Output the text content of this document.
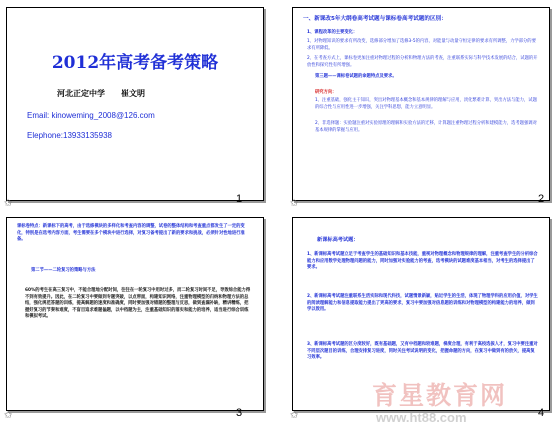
2012年高考备考策略
河北正定中学　　崔文明
Email: kinoweming_2008@126.com
Elephone:13933135938
1
✩
一、新课改5年大纲卷高考试题与课标卷高考试题的区别：
1、课程改革的主要变化：
1、对物理知识的要求有所改变，选修部分增加了选修3-5的内容，对能量与动量守恒定律的要求有所调整，力学部分的要求有所降低。
2、在考查方式上，课标卷更加注重对物理过程的分析和物理方法的考查，注重联系实际与科学技术发展的结合，试题的开放性和探究性有所增强。
第三题——课标卷试题的命题特点及要求。
研究方向：
1、注重基础，强化主干知识，突出对物理基本概念和基本规律的理解与应用，淡化繁难计算，突出方法与能力，试题的综合性与应用性进一步增强，关注学科思想，能力立意明显。
2、非选择题：实验题注重对实验原理的理解和实验方法的迁移，计算题注重物理过程分析和建模能力，选考题强调对基本规律的掌握与应用。
2
✩
课标卷特点：新课标下的高考，由于选修模块的多样化和考查内容的调整，试卷的整体结构和考查重点都发生了一定的变化，特别是在选考内容方面，考生需要在多个模块中进行选择，对复习备考提出了新的要求和挑战，必须针对性地进行准备。
第二节——二轮复习的策略与方法
60%的考生在高三复习中，不能合理地分配时间，往往在一轮复习中用时过多，而二轮复习时间不足，导致综合能力得不到有效提升。因此，在二轮复习中要做到专题突破，以点带面，构建知识网络，注重物理模型的归纳和物理方法的总结，强化规范答题的训练，提高解题的速度和准确度，同时要加强对错题的整理与反思，做到查漏补缺，精讲精练，把握好复习的节奏和难度，不盲目追求难题偏题，以中档题为主，注重基础知识的落实和能力的培养，适当进行综合训练和模拟考试。
3
✩
新课标高考试题：
1、新课标高考试题立足于考查学生的基础知识和基本技能，重视对物理概念和物理规律的理解，注重考查学生的分析综合能力和应用数学处理物理问题的能力，同时加强对实验能力的考查，选考模块的试题难度基本相当，对考生的选择提出了要求。
2、新课标高考试题注重联系生活实际和现代科技，试题情景新颖，贴近学生的生活，体现了物理学科的应用价值，对学生的阅读理解能力和信息提取能力提出了更高的要求，复习中要加强对信息题的训练和对物理模型的构建能力的培养，做到学以致用。
3、新课标高考试题的区分度较好，既有基础题，又有中档题和较难题，梯度合理，有利于高校选拔人才，复习中要注重对不同层次题目的训练，合理安排复习进度，同时关注考试说明的变化，把握命题的方向，在复习中做到有的放矢，提高复习效率。
4
✩
育星教育网
www.ht88.com
